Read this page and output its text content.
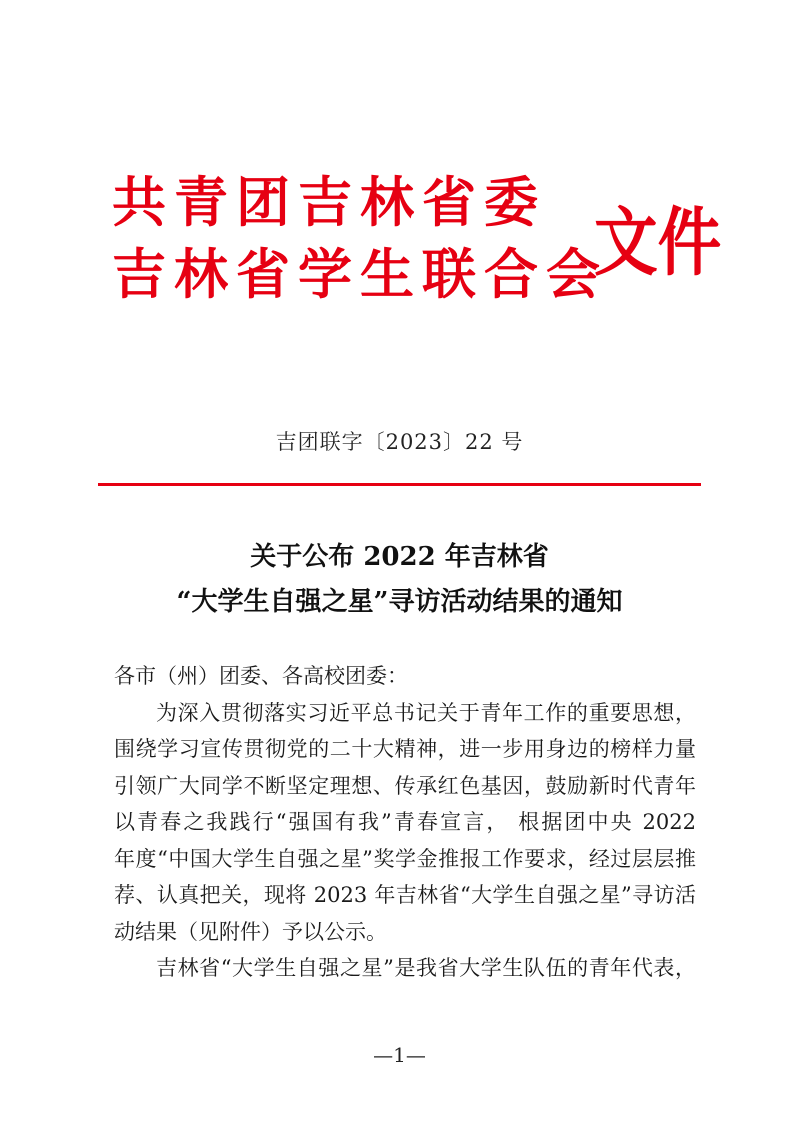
共青团吉林省委
吉林省学生联合会
文件
吉团联字〔2023〕22 号
关于公布 2022 年吉林省
“大学生自强之星”寻访活动结果的通知

各市（州）团委、各高校团委：

为深入贯彻落实习近平总书记关于青年工作的重要思想，
围绕学习宣传贯彻党的二十大精神，进一步用身边的榜样力量
引领广大同学不断坚定理想、传承红色基因，鼓励新时代青年
以青春之我践行“强国有我”青春宣言， 根据团中央 2022
年度“中国大学生自强之星”奖学金推报工作要求，经过层层推
荐、认真把关，现将 2023 年吉林省“大学生自强之星”寻访活
动结果（见附件）予以公示。

吉林省“大学生自强之星”是我省大学生队伍的青年代表，

—1—
